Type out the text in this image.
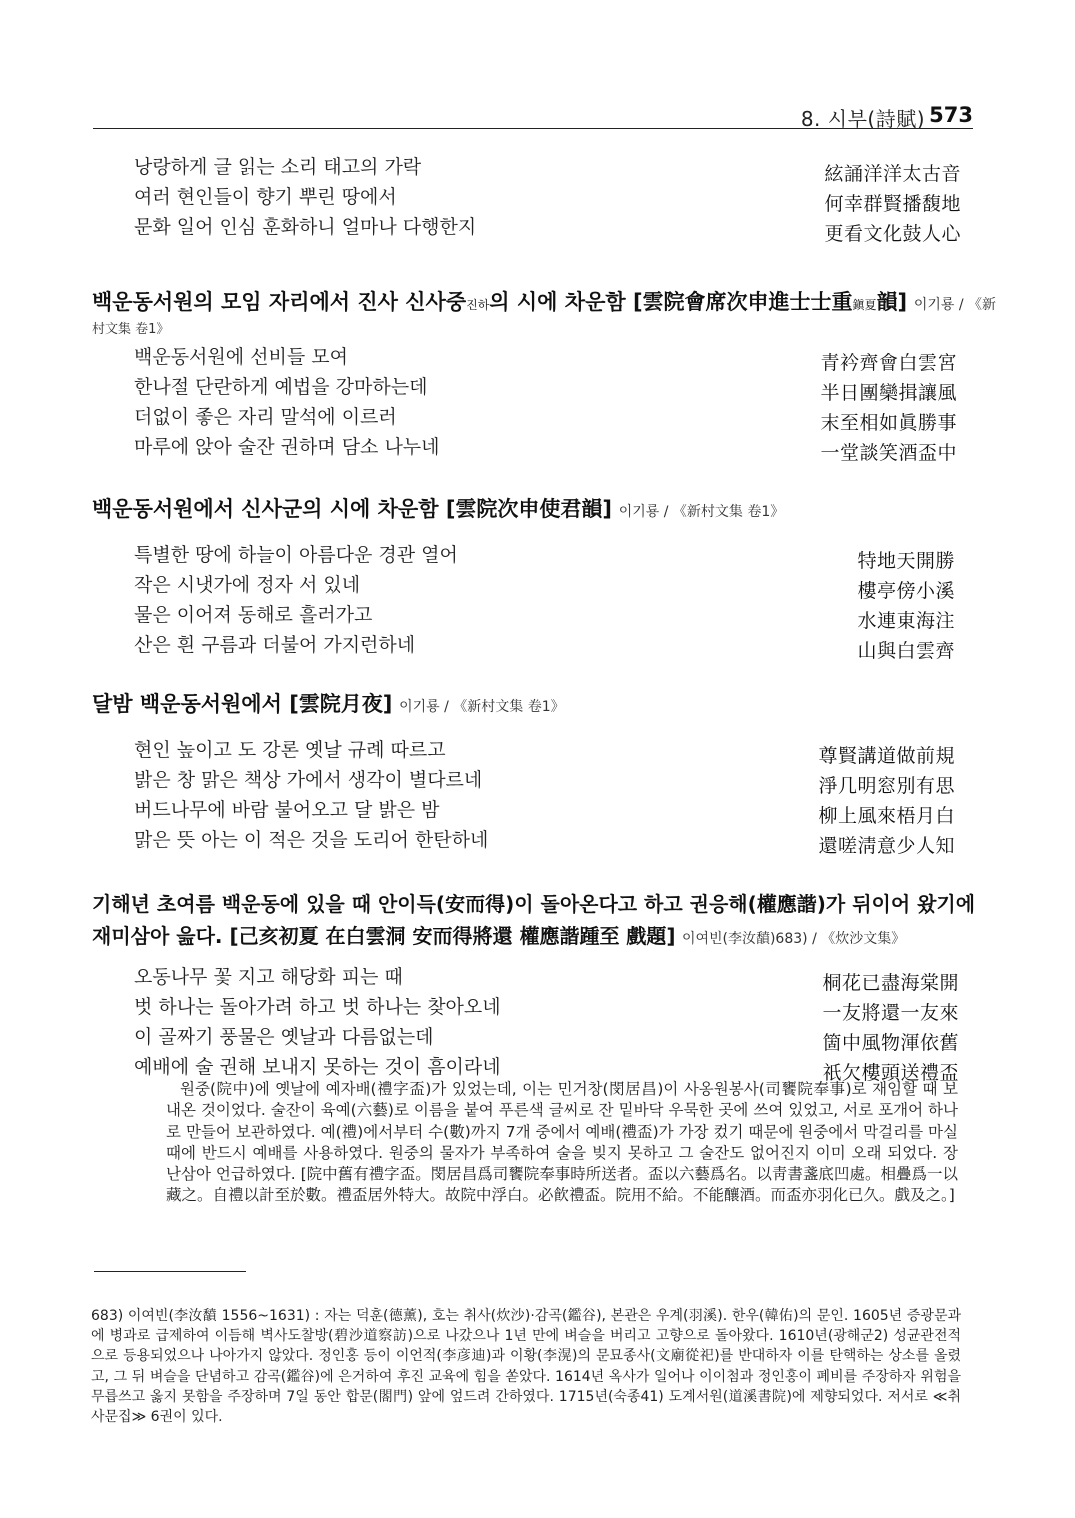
8. 시부(詩賦) 573
낭랑하게 글 읽는 소리 태고의 가락	絃誦洋洋太古音
여러 현인들이 향기 뿌린 땅에서	何幸群賢播馥地
문화 일어 인심 훈화하니 얼마나 다행한지	更看文化鼓人心
백운동서원의 모임 자리에서 진사 신사중진하의 시에 차운함 [雲院會席次申進士士重鎭夏韻] 이기룡 / 《新
村文集 卷1》
백운동서원에 선비들 모여	青衿齊會白雲宮
한나절 단란하게 예법을 강마하는데	半日團欒揖讓風
더없이 좋은 자리 말석에 이르러	末至相如眞勝事
마루에 앉아 술잔 권하며 담소 나누네	一堂談笑酒盃中
백운동서원에서 신사군의 시에 차운함 [雲院次申使君韻] 이기룡 / 《新村文集 卷1》
특별한 땅에 하늘이 아름다운 경관 열어	特地天開勝
작은 시냇가에 정자 서 있네	樓亭傍小溪
물은 이어져 동해로 흘러가고	水連東海注
산은 흰 구름과 더불어 가지런하네	山與白雲齊
달밤 백운동서원에서 [雲院月夜] 이기룡 / 《新村文集 卷1》
현인 높이고 도 강론 옛날 규례 따르고	尊賢講道做前規
밝은 창 맑은 책상 가에서 생각이 별다르네	淨几明窓別有思
버드나무에 바람 불어오고 달 밝은 밤	柳上風來梧月白
맑은 뜻 아는 이 적은 것을 도리어 한탄하네	還嗟淸意少人知
기해년 초여름 백운동에 있을 때 안이득(安而得)이 돌아온다고 하고 권응해(權應諧)가 뒤이어 왔기에
재미삼아 읊다. [己亥初夏 在白雲洞 安而得將還 權應諧踵至 戲題] 이여빈(李汝馩)683) / 《炊沙文集》
오동나무 꽃 지고 해당화 피는 때	桐花已盡海棠開
벗 하나는 돌아가려 하고 벗 하나는 찾아오네	一友將還一友來
이 골짜기 풍물은 옛날과 다름없는데	箇中風物渾依舊
예배에 술 권해 보내지 못하는 것이 흠이라네	祇欠樓頭送禮盃
원중(院中)에 옛날에 예자배(禮字盃)가 있었는데, 이는 민거창(閔居昌)이 사옹원봉사(司饔院奉事)로 재임할 때 보내온 것이었다. 술잔이 육예(六藝)로 이름을 붙여 푸른색 글씨로 잔 밑바닥 우묵한 곳에 쓰여 있었고, 서로 포개어 하나로 만들어 보관하였다. 예(禮)에서부터 수(數)까지 7개 중에서 예배(禮盃)가 가장 컸기 때문에 원중에서 막걸리를 마실 때에 반드시 예배를 사용하였다. 원중의 물자가 부족하여 술을 빚지 못하고 그 술잔도 없어진지 이미 오래 되었다. 장난삼아 언급하였다. [院中舊有禮字盃。閔居昌爲司饔院奉事時所送者。盃以六藝爲名。以靑書盞底凹處。相疊爲一以藏之。自禮以計至於數。禮盃居外特大。故院中浮白。必飮禮盃。院用不給。不能釀酒。而盃亦羽化已久。戲及之。]
683) 이여빈(李汝馩 1556~1631) : 자는 덕훈(德薰), 호는 취사(炊沙)·감곡(鑑谷), 본관은 우계(羽溪). 한우(韓佑)의 문인. 1605년 증광문과에 병과로 급제하여 이듬해 벽사도찰방(碧沙道察訪)으로 나갔으나 1년 만에 벼슬을 버리고 고향으로 돌아왔다. 1610년(광해군2) 성균관전적으로 등용되었으나 나아가지 않았다. 정인홍 등이 이언적(李彦迪)과 이황(李滉)의 문묘종사(文廟從祀)를 반대하자 이를 탄핵하는 상소를 올렸고, 그 뒤 벼슬을 단념하고 감곡(鑑谷)에 은거하여 후진 교육에 힘을 쏟았다. 1614년 옥사가 일어나 이이첨과 정인홍이 폐비를 주장하자 위험을 무릅쓰고 옳지 못함을 주장하며 7일 동안 합문(閤門) 앞에 엎드려 간하였다. 1715년(숙종41) 도계서원(道溪書院)에 제향되었다. 저서로 ≪취사문집≫ 6권이 있다.
